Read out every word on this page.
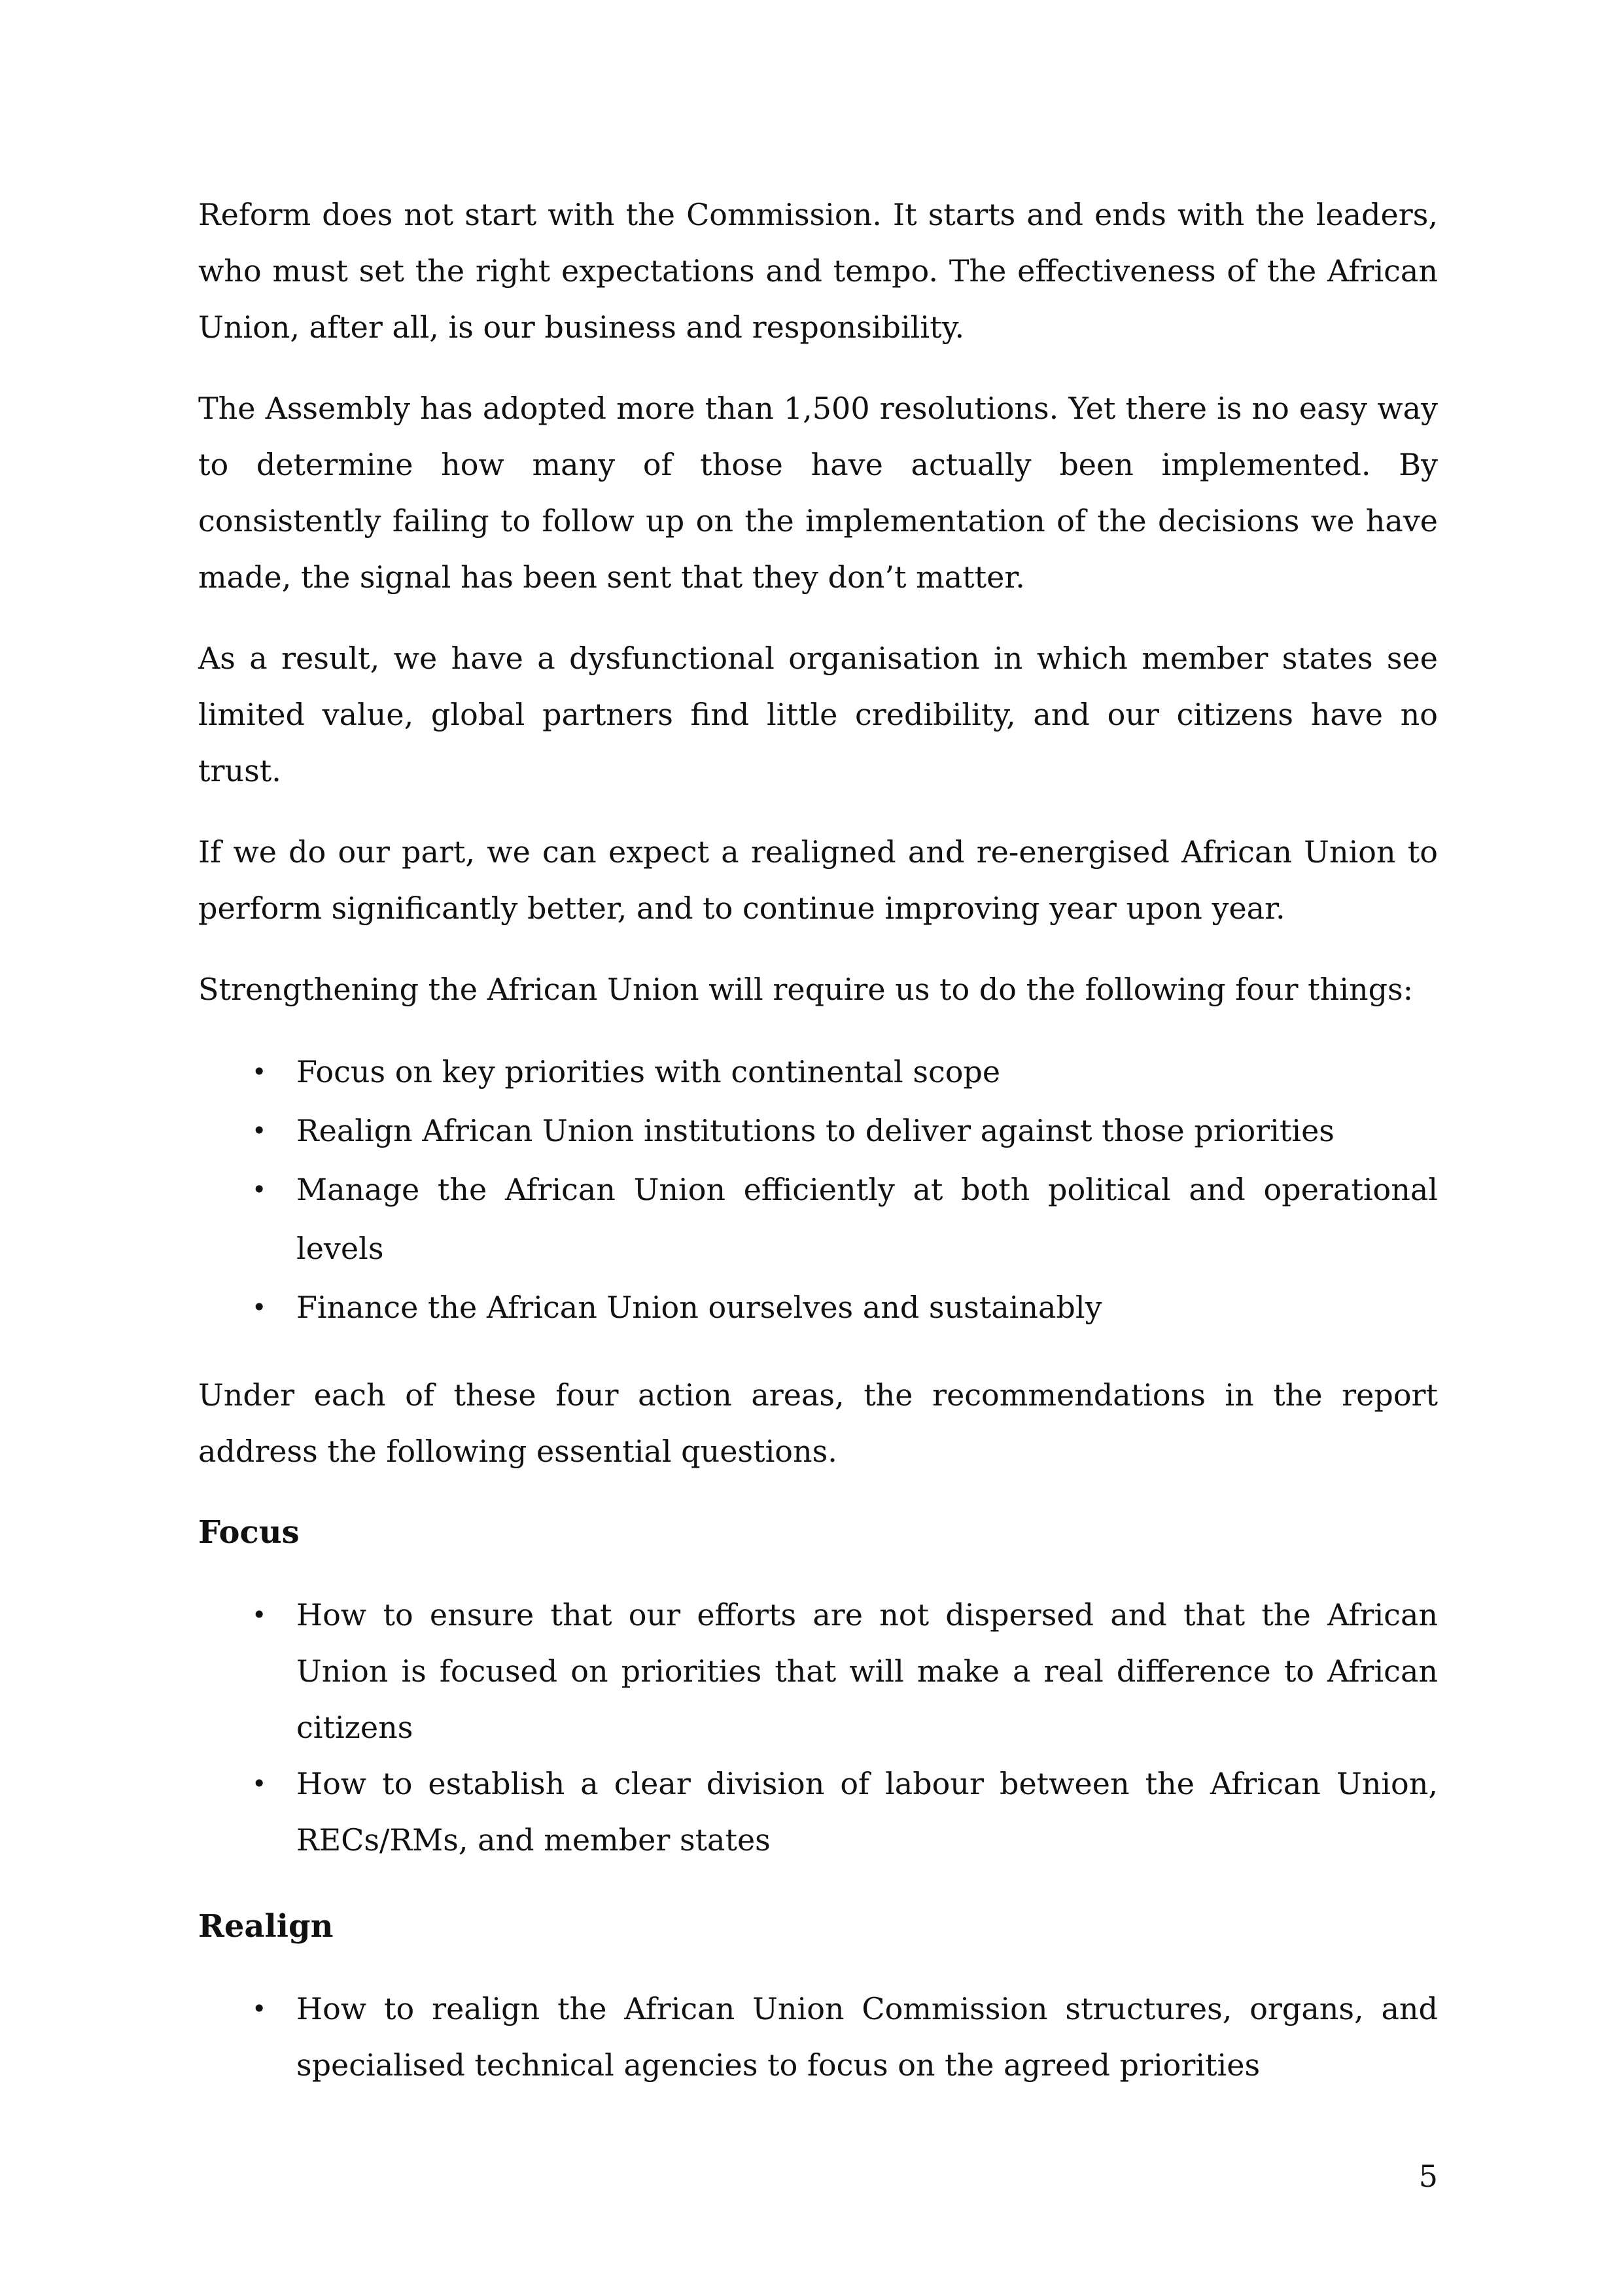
Reform does not start with the Commission. It starts and ends with the leaders, who must set the right expectations and tempo. The effectiveness of the African Union, after all, is our business and responsibility.

The Assembly has adopted more than 1,500 resolutions. Yet there is no easy way to determine how many of those have actually been implemented. By consistently failing to follow up on the implementation of the decisions we have made, the signal has been sent that they don’t matter.

As a result, we have a dysfunctional organisation in which member states see limited value, global partners find little credibility, and our citizens have no trust.

If we do our part, we can expect a realigned and re-energised African Union to perform significantly better, and to continue improving year upon year.

Strengthening the African Union will require us to do the following four things:

• Focus on key priorities with continental scope
• Realign African Union institutions to deliver against those priorities
• Manage the African Union efficiently at both political and operational levels
• Finance the African Union ourselves and sustainably

Under each of these four action areas, the recommendations in the report address the following essential questions.

Focus
• How to ensure that our efforts are not dispersed and that the African Union is focused on priorities that will make a real difference to African citizens
• How to establish a clear division of labour between the African Union, RECs/RMs, and member states
Realign
• How to realign the African Union Commission structures, organs, and specialised technical agencies to focus on the agreed priorities
5
